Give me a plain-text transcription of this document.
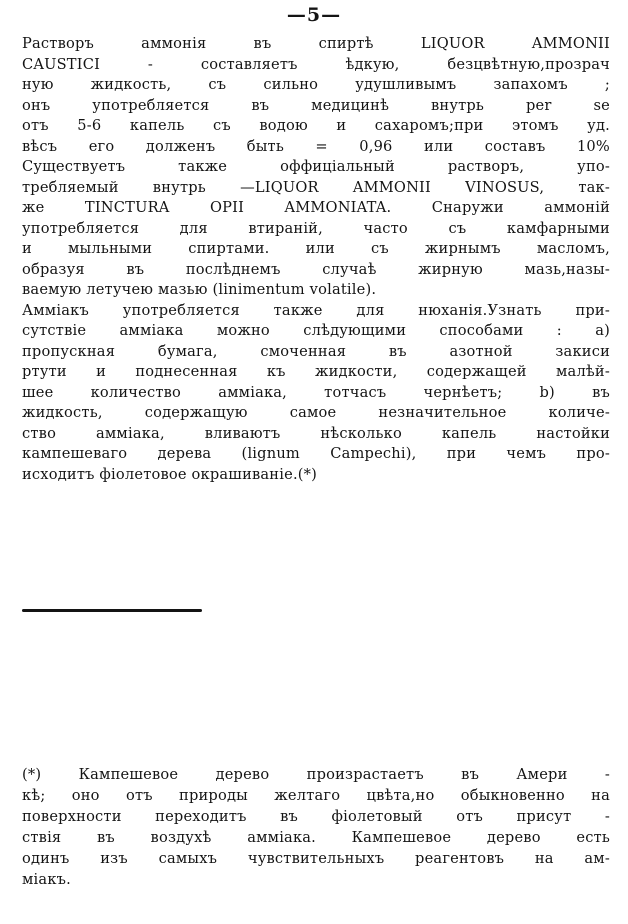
—5—
Растворъ аммонія въ спиртѣ LIQUOR AMMONII
CAUSTICI - составляетъ ѣдкую, безцвѣтную,прозрач
ную жидкость, съ сильно удушливымъ запахомъ ;
онъ употребляется въ медицинѣ внутрь per se
отъ 5-6 капель съ водою и сахаромъ;при этомъ уд.
вѣсъ его долженъ быть = 0,96 или составъ 10%
Существуетъ также оффиціальный растворъ, упо-
требляемый внутрь —LIQUOR AMMONII VINOSUS, так-
же TINCTURA OPII AMMONIATA. Снаружи аммоній
употребляется для втираній, часто съ камфарными
и мыльными спиртами. или съ жирнымъ масломъ,
образуя въ послѣднемъ случаѣ жирную мазь,назы-
ваемую летучею мазью (linimentum volatile).
Аммiакъ употребляется также для нюханія.Узнать при-
сутствіе аммiака можно слѣдующими способами : а)
пропускная бумага, смоченная въ азотной закиси
ртути и поднесенная къ жидкости, содержащей малѣй-
шее количество аммiака, тотчасъ чернѣетъ; b) въ
жидкость, содержащую самое незначительное количе-
ство аммiака, вливаютъ нѣсколько капель настойки
кампешеваго дерева (lignum Campechi), при чемъ про-
исходитъ фіолетовое окрашиваніе.(*)
(*) Кампешевое дерево произрастаетъ въ Амери -
кѣ; оно отъ природы желтаго цвѣта,но обыкновенно на
поверхности переходитъ въ фіолетовый отъ присут -
ствія въ воздухѣ аммiака. Кампешевое дерево есть
одинъ изъ самыхъ чувствительныхъ реагентовъ на ам-
міакъ.
